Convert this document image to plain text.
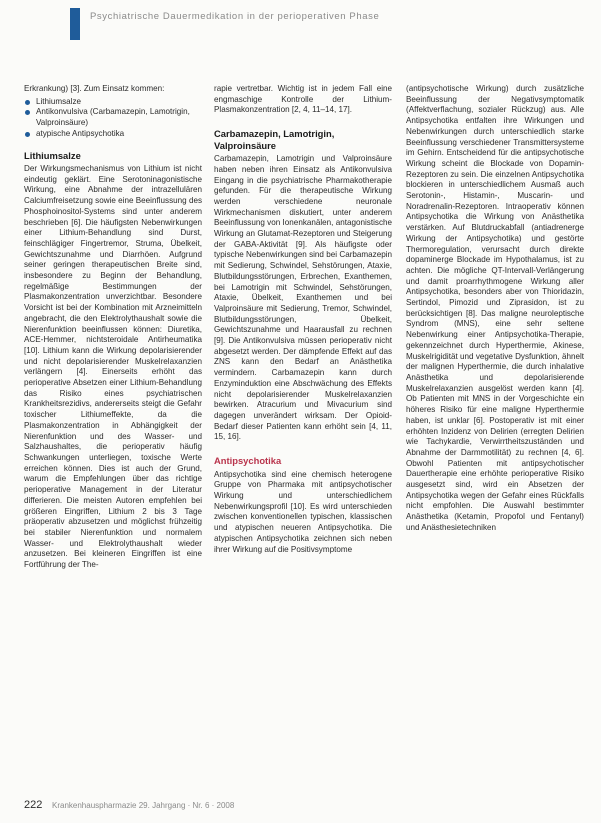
Psychiatrische Dauermedikation in der perioperativen Phase

Erkrankung) [3]. Zum Einsatz kommen:

Lithiumsalze
Antikonvulsiva (Carbamazepin, Lamotrigin, Valproinsäure)
atypische Antipsychotika
Lithiumsalze

Der Wirkungsmechanismus von Lithium ist nicht eindeutig geklärt. Eine Serotoninagonistische Wirkung, eine Abnahme der intrazellulären Calciumfreisetzung sowie eine Beeinflussung des Phosphoinositol-Systems sind unter anderem beschrieben [6]. Die häufigsten Nebenwirkungen einer Lithium-Behandlung sind Durst, feinschlägiger Fingertremor, Struma, Übelkeit, Gewichtszunahme und Diarrhöen. Aufgrund seiner geringen therapeutischen Breite sind, insbesondere zu Beginn der Behandlung, regelmäßige Bestimmungen der Plasmakonzentration unverzichtbar. Besondere Vorsicht ist bei der Kombination mit Arzneimitteln angebracht, die den Elektrolythaushalt sowie die Nierenfunktion beeinflussen können: Diuretika, ACE-Hemmer, nichtsteroidale Antirheumatika [10]. Lithium kann die Wirkung depolarisierender und nicht depolarisierender Muskelrelaxanzien verlängern [4]. Einerseits erhöht das perioperative Absetzen einer Lithium-Behandlung das Risiko eines psychiatrischen Krankheitsrezidivs, andererseits steigt die Gefahr toxischer Lithiumeffekte, da die Plasmakonzentration in Abhängigkeit der Nierenfunktion und des Wasser- und Salzhaushaltes, die perioperativ häufig Schwankungen unterliegen, toxische Werte erreichen können. Dies ist auch der Grund, warum die Empfehlungen über das richtige perioperative Management in der Literatur differieren. Die meisten Autoren empfehlen bei größeren Eingriffen, Lithium 2 bis 3 Tage präoperativ abzusetzen und möglichst frühzeitig bei stabiler Nierenfunktion und normalem Wasser- und Elektrolythaushalt wieder anzusetzen. Bei kleineren Eingriffen ist eine Fortführung der The-

rapie vertretbar. Wichtig ist in jedem Fall eine engmaschige Kontrolle der Lithium-Plasmakonzentration [2, 4, 11–14, 17].

Carbamazepin, Lamotrigin, Valproinsäure

Carbamazepin, Lamotrigin und Valproinsäure haben neben ihren Einsatz als Antikonvulsiva Eingang in die psychiatrische Pharmakotherapie gefunden. Für die therapeutische Wirkung werden verschiedene neuronale Wirkmechanismen diskutiert, unter anderem Beeinflussung von Ionenkanälen, antagonistische Wirkung an Glutamat-Rezeptoren und Steigerung der GABA-Aktivität [9]. Als häufigste oder typische Nebenwirkungen sind bei Carbamazepin mit Sedierung, Schwindel, Sehstörungen, Ataxie, Blutbildungsstörungen, Erbrechen, Exanthemen, bei Lamotrigin mit Schwindel, Sehstörungen, Ataxie, Übelkeit, Exanthemen und bei Valproinsäure mit Sedierung, Tremor, Schwindel, Blutbildungsstörungen, Übelkeit, Gewichtszunahme und Haarausfall zu rechnen [9]. Die Antikonvulsiva müssen perioperativ nicht abgesetzt werden. Der dämpfende Effekt auf das ZNS kann den Bedarf an Anästhetika vermindern. Carbamazepin kann durch Enzyminduktion eine Abschwächung des Effekts nicht depolarisierender Muskelrelaxanzien bewirken. Atracurium und Mivacurium sind dagegen unverändert wirksam. Der Opioid-Bedarf dieser Patienten kann erhöht sein [4, 11, 15, 16].

Antipsychotika

Antipsychotika sind eine chemisch heterogene Gruppe von Pharmaka mit antipsychotischer Wirkung und unterschiedlichem Nebenwirkungsprofil [10]. Es wird unterschieden zwischen konventionellen typischen, klassischen und atypischen neueren Antipsychotika. Die atypischen Antipsychotika zeichnen sich neben ihrer Wirkung auf die Positivsymptome

(antipsychotische Wirkung) durch zusätzliche Beeinflussung der Negativsymptomatik (Affektverflachung, sozialer Rückzug) aus. Alle Antipsychotika entfalten ihre Wirkungen und Nebenwirkungen durch unterschiedlich starke Beeinflussung verschiedener Transmittersysteme im Gehirn. Entscheidend für die antipsychotische Wirkung scheint die Blockade von Dopamin-Rezeptoren zu sein. Die einzelnen Antipsychotika blockieren in unterschiedlichem Ausmaß auch Serotonin-, Histamin-, Muscarin- und Noradrenalin-Rezeptoren. Intraoperativ können Antipsychotika die Wirkung von Anästhetika verstärken. Auf Blutdruckabfall (antiadrenerge Wirkung der Antipsychotika) und gestörte Thermoregulation, verursacht durch direkte dopaminerge Blockade im Hypothalamus, ist zu achten. Die mögliche QT-Intervall-Verlängerung und damit proarrhythmogene Wirkung aller Antipsychotika, besonders aber von Thioridazin, Sertindol, Pimozid und Ziprasidon, ist zu berücksichtigen [8]. Das maligne neuroleptische Syndrom (MNS), eine sehr seltene Nebenwirkung einer Antipsychotika-Therapie, gekennzeichnet durch Hyperthermie, Akinese, Muskelrigidität und vegetative Dysfunktion, ähnelt der malignen Hyperthermie, die durch inhalative Anästhetika und depolarisierende Muskelrelaxanzien ausgelöst werden kann [4]. Ob Patienten mit MNS in der Vorgeschichte ein höheres Risiko für eine maligne Hyperthermie haben, ist unklar [6]. Postoperativ ist mit einer erhöhten Inzidenz von Delirien (erregten Delirien wie Tachykardie, Verwirrtheitszuständen und Abnahme der Darmmotilität) zu rechnen [4, 6]. Obwohl Patienten mit antipsychotischer Dauertherapie eine erhöhte perioperative Risiko ausgesetzt sind, wird ein Absetzen der Antipsychotika wegen der Gefahr eines Rückfalls nicht empfohlen. Die Auswahl bestimmter Anästhetika (Ketamin, Propofol und Fentanyl) und Anästhesietechniken

222 Krankenhauspharmazie 29. Jahrgang · Nr. 6 · 2008
